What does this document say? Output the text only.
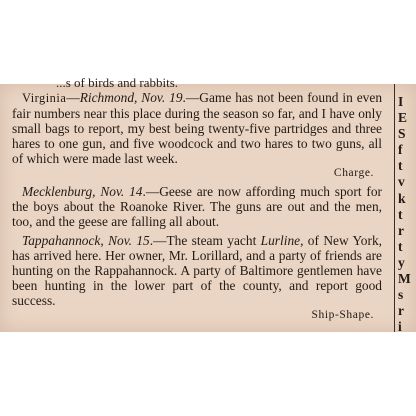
...s of birds and rabbits.

Virginia—Richmond, Nov. 19.—Game has not been found in even fair numbers near this place during the season so far, and I have only small bags to report, my best being twenty-five partridges and three hares to one gun, and five woodcock and two hares to two guns, all of which were made last week.

Charge.

Mecklenburg, Nov. 14.—Geese are now affording much sport for the boys about the Roanoke River. The guns are out and the men, too, and the geese are falling all about.

Tappahannock, Nov. 15.—The steam yacht Lurline, of New York, has arrived here. Her owner, Mr. Lorillard, and a party of friends are hunting on the Rappahannock. A party of Baltimore gentlemen have been hunting in the lower part of the county, and report good success.

Ship-Shape.
I
E
S
f
t
v
k
t
r
t
y
M
s
r
i
